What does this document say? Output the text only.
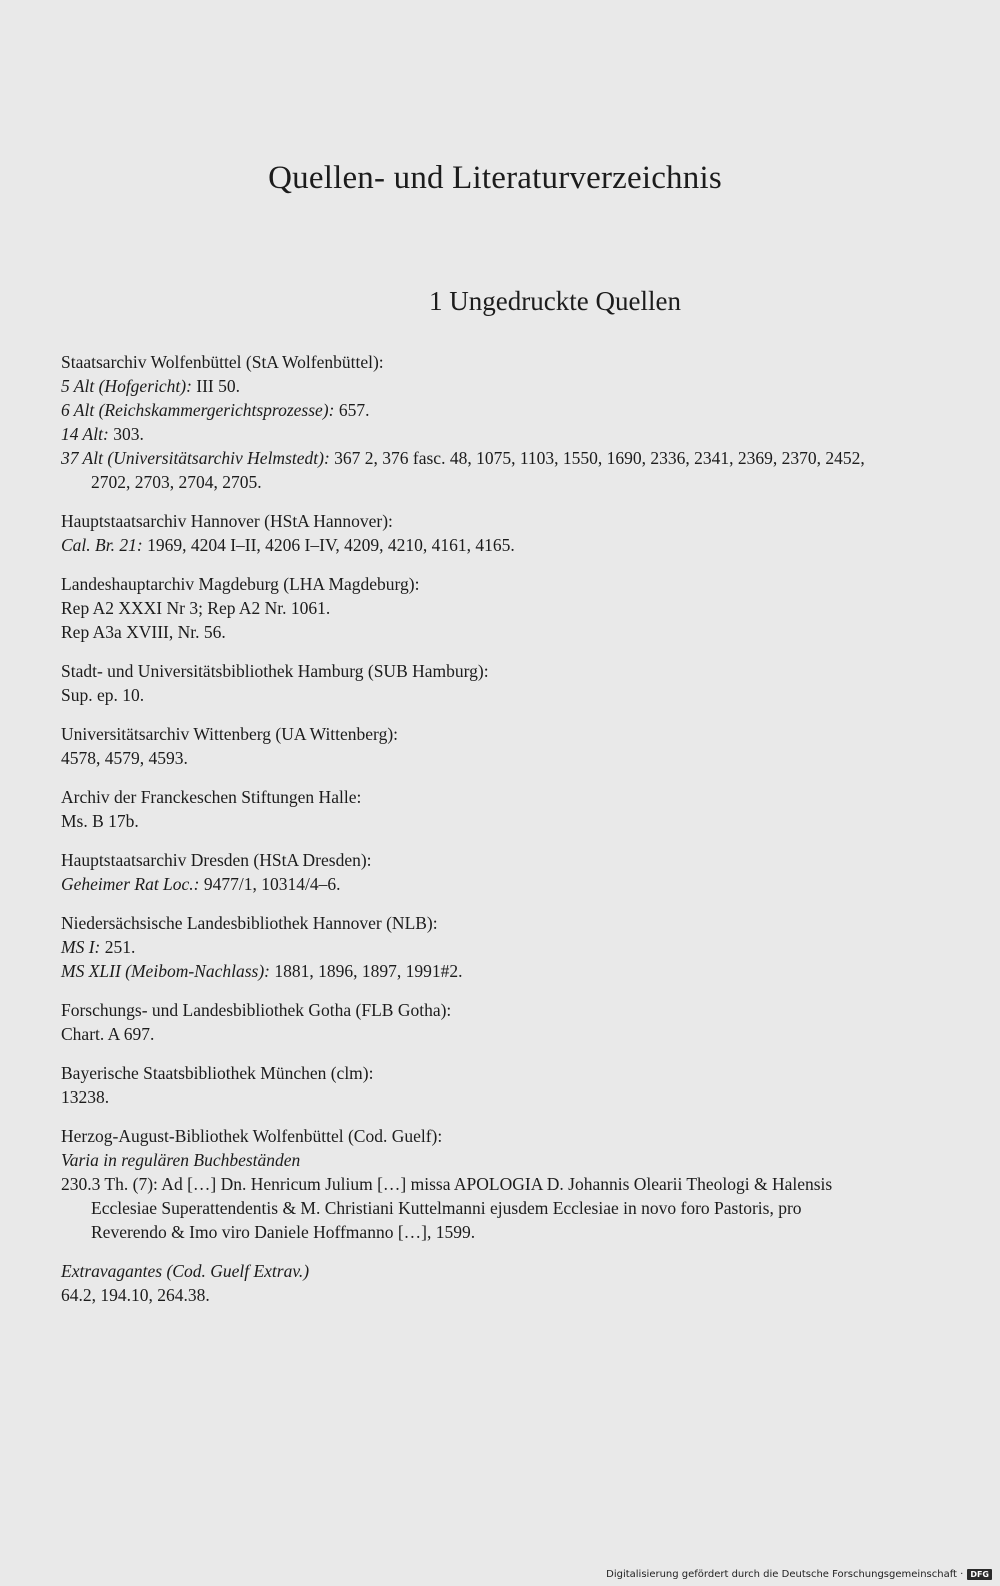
Quellen- und Literaturverzeichnis
1 Ungedruckte Quellen
Staatsarchiv Wolfenbüttel (StA Wolfenbüttel):
5 Alt (Hofgericht): III 50.
6 Alt (Reichskammergerichtsprozesse): 657.
14 Alt: 303.
37 Alt (Universitätsarchiv Helmstedt): 367 2, 376 fasc. 48, 1075, 1103, 1550, 1690, 2336, 2341, 2369, 2370, 2452, 2702, 2703, 2704, 2705.
Hauptstaatsarchiv Hannover (HStA Hannover):
Cal. Br. 21: 1969, 4204 I–II, 4206 I–IV, 4209, 4210, 4161, 4165.
Landeshauptarchiv Magdeburg (LHA Magdeburg):
Rep A2 XXXI Nr 3; Rep A2 Nr. 1061.
Rep A3a XVIII, Nr. 56.
Stadt- und Universitätsbibliothek Hamburg (SUB Hamburg):
Sup. ep. 10.
Universitätsarchiv Wittenberg (UA Wittenberg):
4578, 4579, 4593.
Archiv der Franckeschen Stiftungen Halle:
Ms. B 17b.
Hauptstaatsarchiv Dresden (HStA Dresden):
Geheimer Rat Loc.: 9477/1, 10314/4–6.
Niedersächsische Landesbibliothek Hannover (NLB):
MS I: 251.
MS XLII (Meibom-Nachlass): 1881, 1896, 1897, 1991#2.
Forschungs- und Landesbibliothek Gotha (FLB Gotha):
Chart. A 697.
Bayerische Staatsbibliothek München (clm):
13238.
Herzog-August-Bibliothek Wolfenbüttel (Cod. Guelf):
Varia in regulären Buchbeständen
230.3 Th. (7): Ad […] Dn. Henricum Julium […] missa APOLOGIA D. Johannis Olearii Theologi & Halensis Ecclesiae Superattendentis & M. Christiani Kuttelmanni ejusdem Ecclesiae in novo foro Pastoris, pro Reverendo & Imo viro Daniele Hoffmanno […], 1599.
Extravagantes (Cod. Guelf Extrav.)
64.2, 194.10, 264.38.
Digitalisierung gefördert durch die Deutsche Forschungsgemeinschaft · DFG
